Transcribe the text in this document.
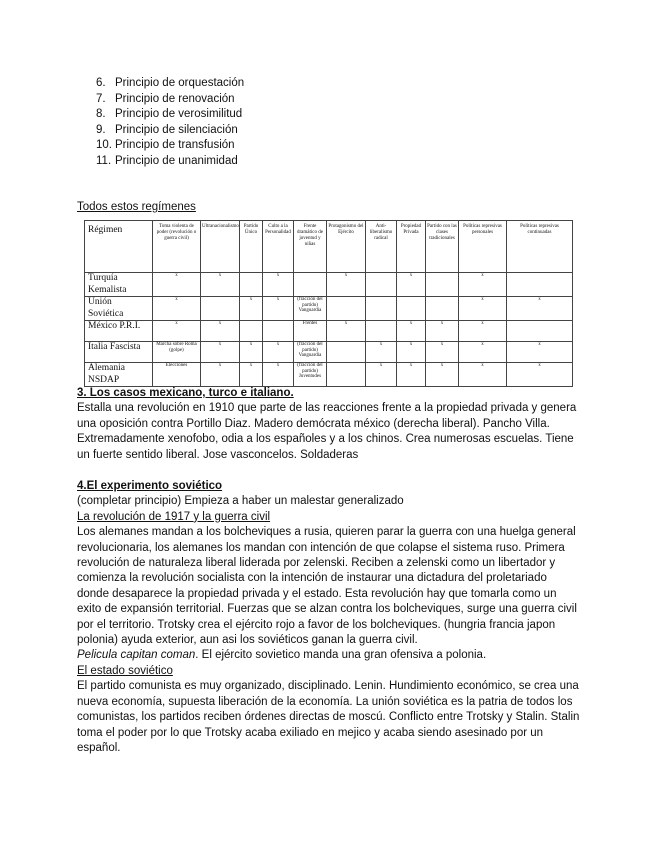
6. Principio de orquestación
7. Principio de renovación
8. Principio de verosimilitud
9. Principio de silenciación
10. Principio de transfusión
11. Principio de unanimidad
Todos estos regímenes
Régimen	Toma violenta de poder (revolución o guerra civil)	Ultranacionalismo	Partido Único	Culto a la Personalidad	Frente dramático de juventud y niñas	Protagonismo del Ejército	Anti-liberalismo radical	Propiedad Privada	Partido con las clases tradicionales	Políticas represivas personales	Políticas represivas continuadas

Turquía
Kemalista	x	x		x		x		x		x	

Unión
Soviética	x		x	x	(fracción del partido) Vanguardia					x	x

México P.R.I.	x	x			Frentes	x		x	x	x	

Italia Fascista	Marcha sobre Roma (golpe)	x	x	x	(fracción del partido) Vanguardia		x	x	x	x	x

Alemania
NSDAP	Elecciones	x	x	x	(fracción del partido) Juventudes		x	x	x	x	x

3. Los casos mexicano, turco e italiano.

Estalla una revolución en 1910 que parte de las reacciones frente a la propiedad privada y genera una oposición contra Portillo Diaz. Madero demócrata méxico (derecha liberal). Pancho Villa. Extremadamente xenofobo, odia a los españoles y a los chinos. Crea numerosas escuelas. Tiene un fuerte sentido liberal. Jose vasconcelos. Soldaderas

4.El experimento soviético

(completar principio) Empieza a haber un malestar generalizado

La revolución de 1917 y la guerra civil

Los alemanes mandan a los bolcheviques a rusia, quieren parar la guerra con una huelga general revolucionaria, los alemanes los mandan con intención de que colapse el sistema ruso. Primera revolución de naturaleza liberal liderada por zelenski. Reciben a zelenski como un libertador y comienza la revolución socialista con la intención de instaurar una dictadura del proletariado donde desaparece la propiedad privada y el estado. Esta revolución hay que tomarla como un exito de expansión territorial. Fuerzas que se alzan contra los bolcheviques, surge una guerra civil por el territorio. Trotsky crea el ejército rojo a favor de los bolcheviques. (hungria francia japon polonia) ayuda exterior, aun asi los soviéticos ganan la guerra civil.

Pelicula capitan coman. El ejército sovietico manda una gran ofensiva a polonia.

El estado soviético

El partido comunista es muy organizado, disciplinado. Lenin. Hundimiento económico, se crea una nueva economía, supuesta liberación de la economía. La unión soviética es la patria de todos los comunistas, los partidos reciben órdenes directas de moscú. Conflicto entre Trotsky y Stalin. Stalin toma el poder por lo que Trotsky acaba exiliado en mejico y acaba siendo asesinado por un español.
